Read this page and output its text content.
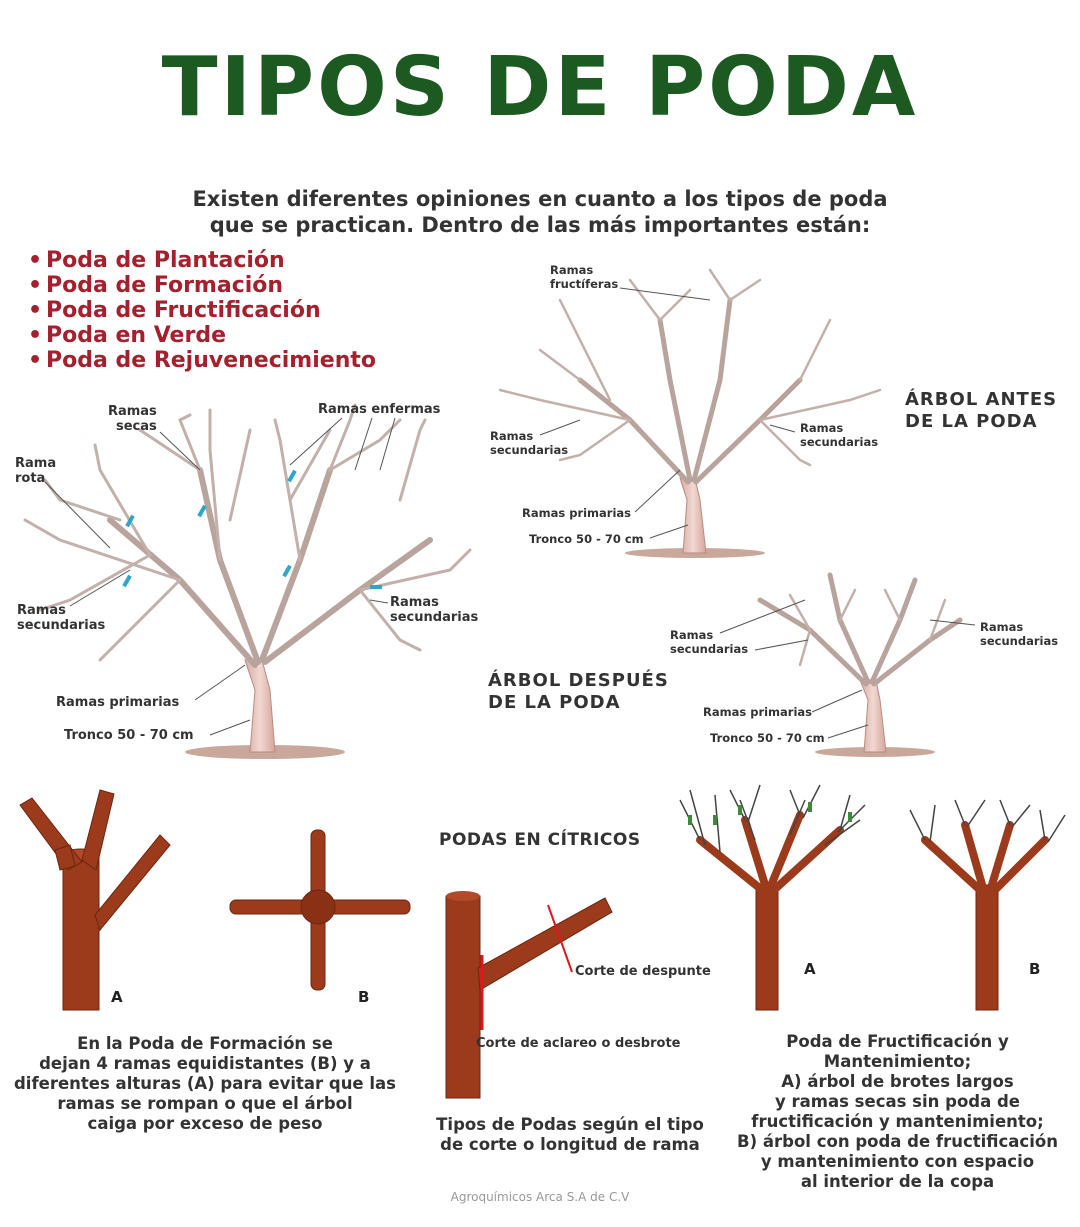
TIPOS DE PODA
Existen diferentes opiniones en cuanto a los tipos de poda
que se practican. Dentro de las más importantes están:
• Poda de Plantación
• Poda de Formación
• Poda de Fructificación
• Poda en Verde
• Poda de Rejuvenecimiento
Ramas
secas
Ramas enfermas
Rama
rota
Ramas
secundarias
Ramas
secundarias
Ramas primarias
Tronco 50 - 70 cm
Ramas
fructíferas
Ramas
secundarias
Ramas
secundarias
Ramas primarias
Tronco 50 - 70 cm
ÁRBOL ANTES
DE LA PODA
ÁRBOL DESPUÉS
DE LA PODA
Ramas
secundarias
Ramas
secundarias
Ramas primarias
Tronco 50 - 70 cm
A	B
En la Poda de Formación se
dejan 4 ramas equidistantes (B) y a
diferentes alturas (A) para evitar que las
ramas se rompan o que el árbol
caiga por exceso de peso
PODAS EN CÍTRICOS
Corte de despunte
Corte de aclareo o desbrote
Tipos de Podas según el tipo
de corte o longitud de rama
A	B
Poda de Fructificación y
Mantenimiento;
A) árbol de brotes largos
y ramas secas sin poda de
fructificación y mantenimiento;
B) árbol con poda de fructificación
y mantenimiento con espacio
al interior de la copa
Agroquímicos Arca S.A de C.V
